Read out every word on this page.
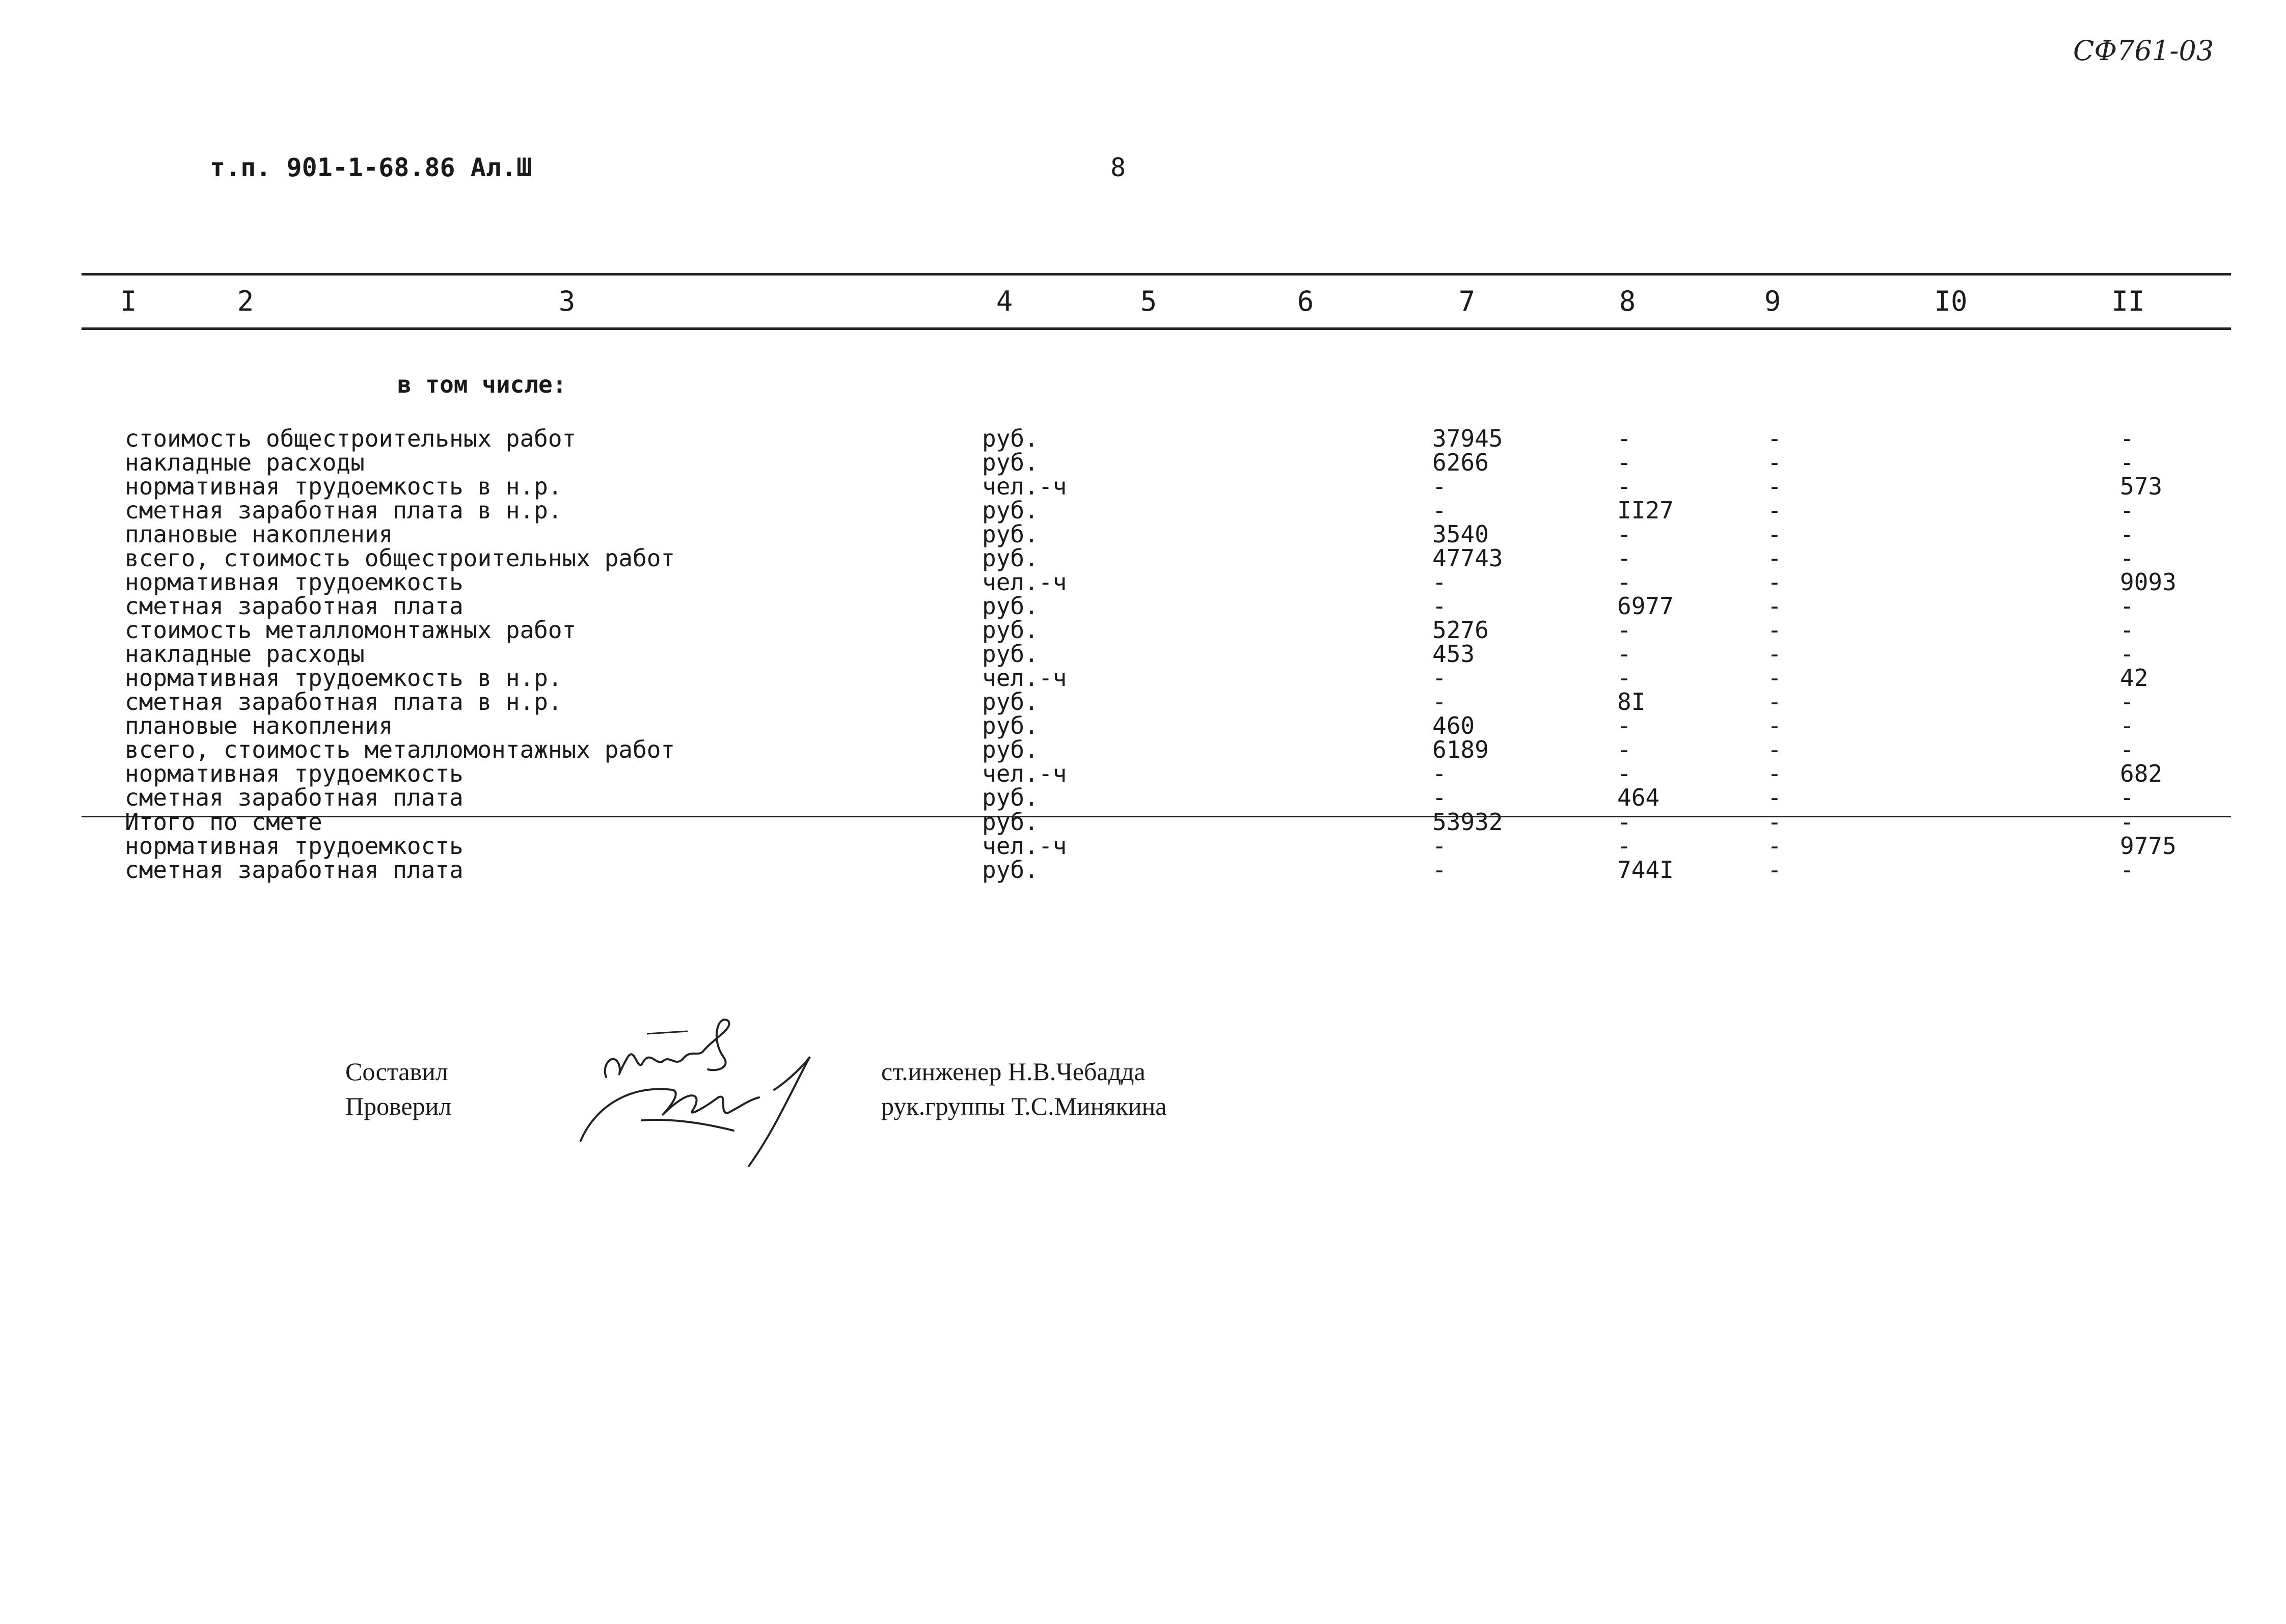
СФ761-03
т.п. 901-1-68.86 Ал.Ш	8
I	2	3	4	5	6	7	8	9	I0	II
в том числе:
стоимость общестроительных работ	руб.	37945	-	-	-
накладные расходы	руб.	6266	-	-	-
нормативная трудоемкость в н.р.	чел.-ч	-	-	-	573
сметная заработная плата в н.р.	руб.	-	II27	-	-
плановые накопления	руб.	3540	-	-	-
всего, стоимость общестроительных работ	руб.	47743	-	-	-
нормативная трудоемкость	чел.-ч	-	-	-	9093
сметная заработная плата	руб.	-	6977	-	-
стоимость металломонтажных работ	руб.	5276	-	-	-
накладные расходы	руб.	453	-	-	-
нормативная трудоемкость в н.р.	чел.-ч	-	-	-	42
сметная заработная плата в н.р.	руб.	-	8I	-	-
плановые накопления	руб.	460	-	-	-
всего, стоимость металломонтажных работ	руб.	6189	-	-	-
нормативная трудоемкость	чел.-ч	-	-	-	682
сметная заработная плата	руб.	-	464	-	-
Итого по смете	руб.	53932	-	-	-
нормативная трудоемкость	чел.-ч	-	-	-	9775
сметная заработная плата	руб.	-	744I	-	-
Составил
Проверил
ст.инженер Н.В.Чебадда
рук.группы Т.С.Минякина
